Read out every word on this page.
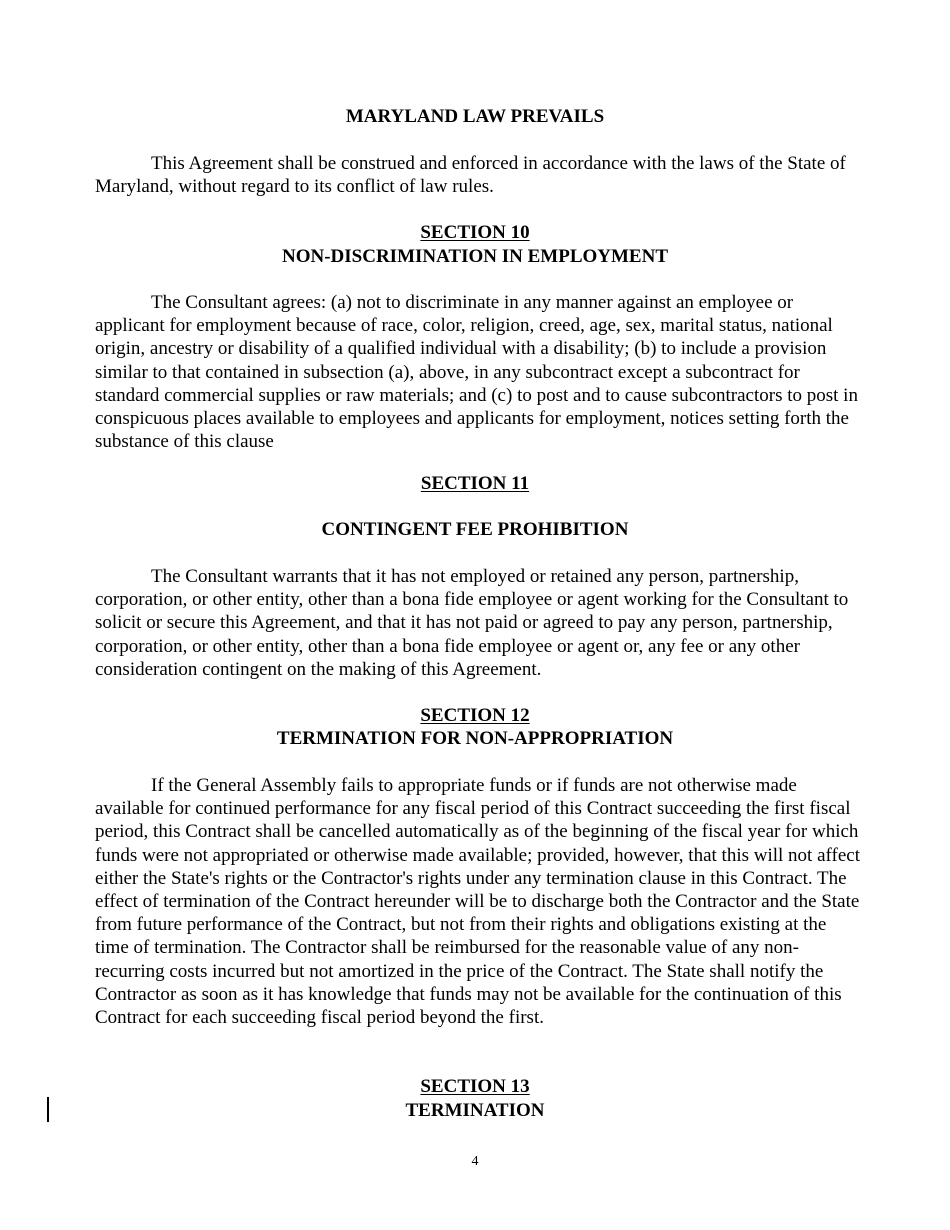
MARYLAND LAW PREVAILS

This Agreement shall be construed and enforced in accordance with the laws of the State of Maryland, without regard to its conflict of law rules.

SECTION 10
NON-DISCRIMINATION IN EMPLOYMENT

The Consultant agrees: (a) not to discriminate in any manner against an employee or applicant for employment because of race, color, religion, creed, age, sex, marital status, national origin, ancestry or disability of a qualified individual with a disability; (b) to include a provision similar to that contained in subsection (a), above, in any subcontract except a subcontract for standard commercial supplies or raw materials; and (c) to post and to cause subcontractors to post in conspicuous places available to employees and applicants for employment, notices setting forth the substance of this clause

SECTION 11
CONTINGENT FEE PROHIBITION

The Consultant warrants that it has not employed or retained any person, partnership, corporation, or other entity, other than a bona fide employee or agent working for the Consultant to solicit or secure this Agreement, and that it has not paid or agreed to pay any person, partnership, corporation, or other entity, other than a bona fide employee or agent or, any fee or any other consideration contingent on the making of this Agreement.

SECTION 12
TERMINATION FOR NON-APPROPRIATION

If the General Assembly fails to appropriate funds or if funds are not otherwise made available for continued performance for any fiscal period of this Contract succeeding the first fiscal period, this Contract shall be cancelled automatically as of the beginning of the fiscal year for which funds were not appropriated or otherwise made available; provided, however, that this will not affect either the State's rights or the Contractor's rights under any termination clause in this Contract. The effect of termination of the Contract hereunder will be to discharge both the Contractor and the State from future performance of the Contract, but not from their rights and obligations existing at the time of termination. The Contractor shall be reimbursed for the reasonable value of any non-recurring costs incurred but not amortized in the price of the Contract. The State shall notify the Contractor as soon as it has knowledge that funds may not be available for the continuation of this Contract for each succeeding fiscal period beyond the first.

SECTION 13
TERMINATION
4
